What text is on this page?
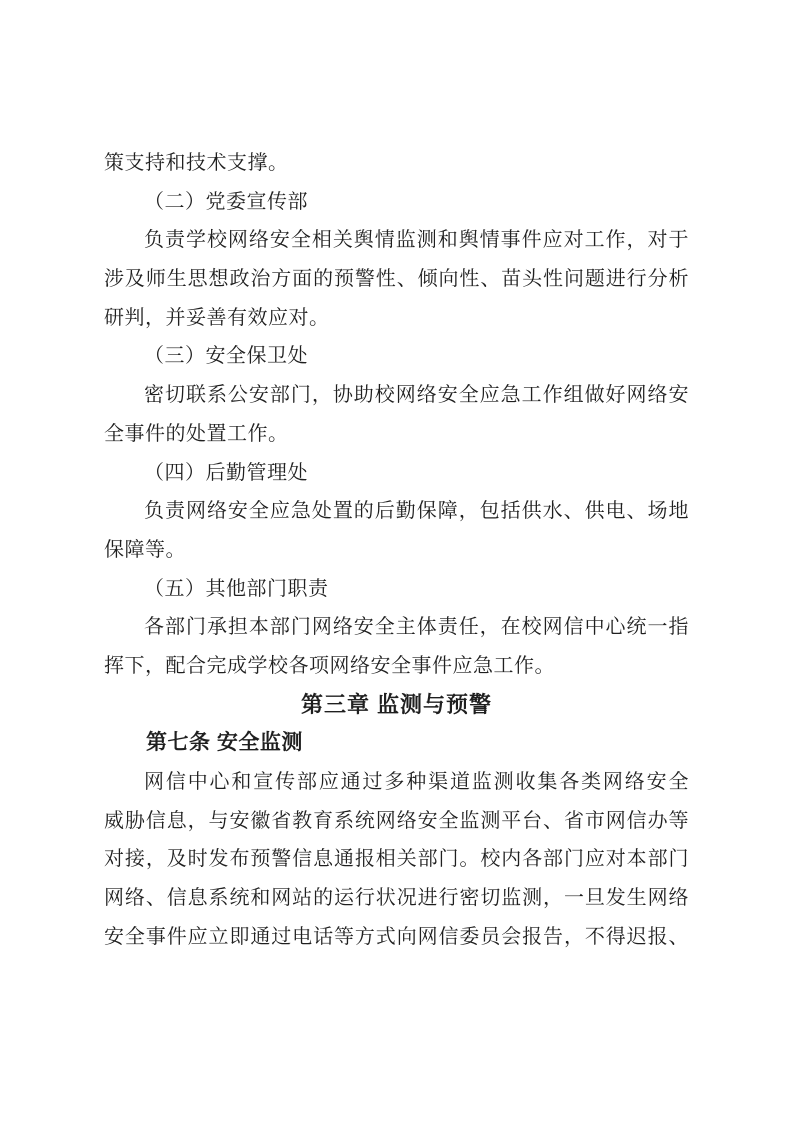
策支持和技术支撑。
（二）党委宣传部
负责学校网络安全相关舆情监测和舆情事件应对工作，对于
涉及师生思想政治方面的预警性、倾向性、苗头性问题进行分析
研判，并妥善有效应对。
（三）安全保卫处
密切联系公安部门，协助校网络安全应急工作组做好网络安
全事件的处置工作。
（四）后勤管理处
负责网络安全应急处置的后勤保障，包括供水、供电、场地
保障等。
（五）其他部门职责
各部门承担本部门网络安全主体责任，在校网信中心统一指
挥下，配合完成学校各项网络安全事件应急工作。
第三章 监测与预警
第七条 安全监测
网信中心和宣传部应通过多种渠道监测收集各类网络安全
威胁信息，与安徽省教育系统网络安全监测平台、省市网信办等
对接，及时发布预警信息通报相关部门。校内各部门应对本部门
网络、信息系统和网站的运行状况进行密切监测，一旦发生网络
安全事件应立即通过电话等方式向网信委员会报告，不得迟报、
